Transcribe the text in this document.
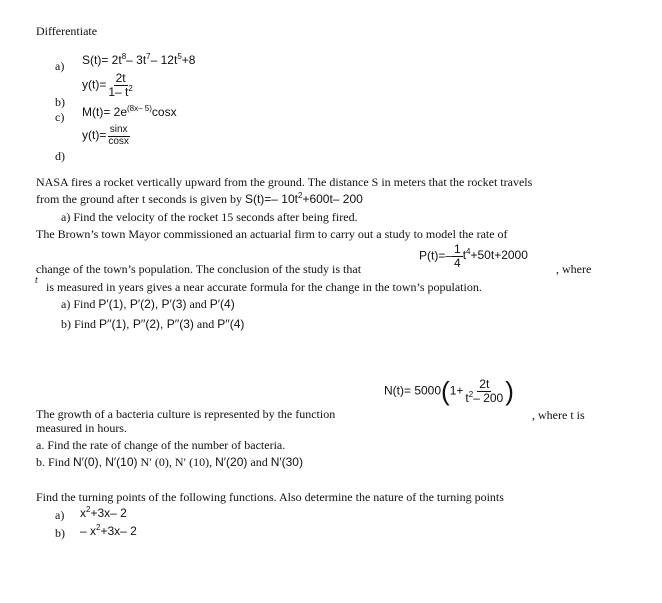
Differentiate
a) $S(t)= 2t^8-$ $3t^7-$ $12t^5+8$
$y(t)= \frac{2t}{1- t^2}$
b)
c) $M(t)= 2e^{(8x- 5)}\cos x$
$y(t)= \frac{\sin x}{\cos x}$
d)
NASA fires a rocket vertically upward from the ground. The distance S in meters that the rocket travels
from the ground after t seconds is given by S(t)=– $10t^2+600t-$ 200
a) Find the velocity of the rocket 15 seconds after being fired.
The Brown’s town Mayor commissioned an actuarial firm to carry out a study to model the rate of
$P(t)=- \frac{1}{4} t^4+50t+2000$
change of the town’s population. The conclusion of the study is that	, where
t is measured in years gives a near accurate formula for the change in the town’s population.
a) Find P′(1), P′(2), P′(3) and P′(4)
b) Find P′′(1), P′′(2), P′′(3) and P′′(4)
$N(t)= 5000(1+ \frac{2t}{t^2- 200}$ )
, where t is
The growth of a bacteria culture is represented by the function
measured in hours.
a. Find the rate of change of the number of bacteria.
b. Find N′(0), N′(10) N′ (0), N′ (10), N′(20) and N′(30)
Find the turning points of the following functions. Also determine the nature of the turning points
a) $x^2+3x-$ 2
$b) - x^2+3x-$ 2
